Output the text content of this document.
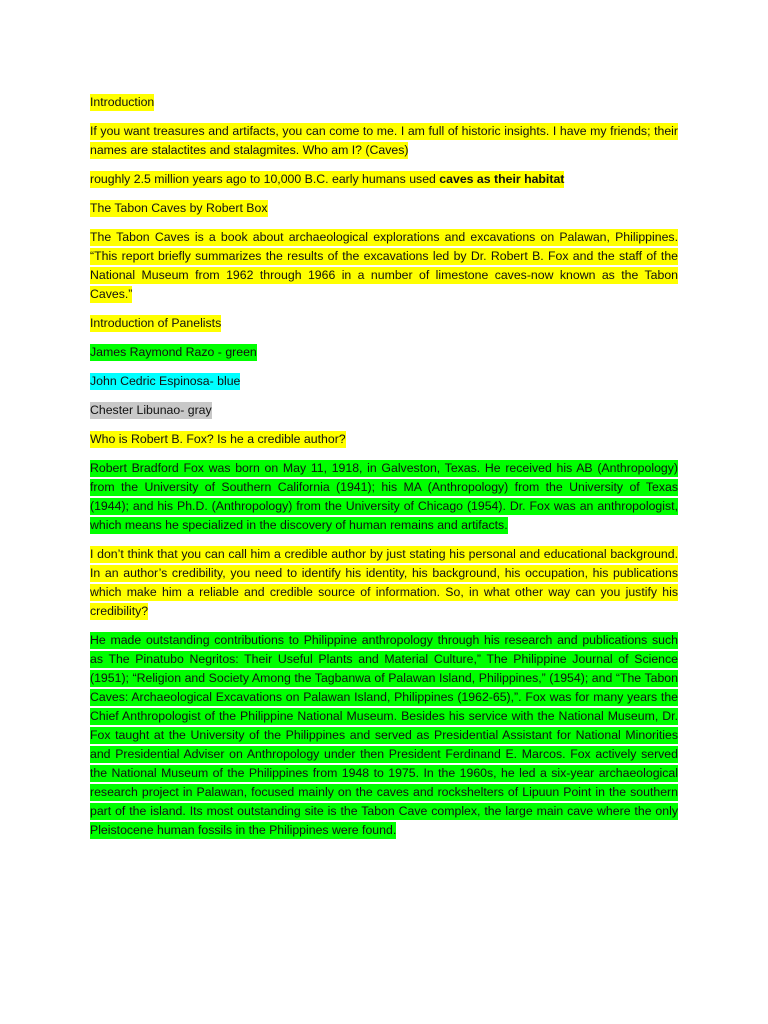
Introduction

If you want treasures and artifacts, you can come to me. I am full of historic insights. I have my friends; their names are stalactites and stalagmites. Who am I? (Caves)

roughly 2.5 million years ago to 10,000 B.C. early humans used caves as their habitat

The Tabon Caves by Robert Box

The Tabon Caves is a book about archaeological explorations and excavations on Palawan, Philippines. “This report briefly summarizes the results of the excavations led by Dr. Robert B. Fox and the staff of the National Museum from 1962 through 1966 in a number of limestone caves-now known as the Tabon Caves.”

Introduction of Panelists

James Raymond Razo - green

John Cedric Espinosa- blue

Chester Libunao- gray

Who is Robert B. Fox? Is he a credible author?

Robert Bradford Fox was born on May 11, 1918, in Galveston, Texas. He received his AB (Anthropology) from the University of Southern California (1941); his MA (Anthropology) from the University of Texas (1944); and his Ph.D. (Anthropology) from the University of Chicago (1954). Dr. Fox was an anthropologist, which means he specialized in the discovery of human remains and artifacts.

I don’t think that you can call him a credible author by just stating his personal and educational background. In an author’s credibility, you need to identify his identity, his background, his occupation, his publications which make him a reliable and credible source of information. So, in what other way can you justify his credibility?

He made outstanding contributions to Philippine anthropology through his research and publications such as The Pinatubo Negritos: Their Useful Plants and Material Culture,” The Philippine Journal of Science (1951); “Religion and Society Among the Tagbanwa of Palawan Island, Philippines,” (1954); and “The Tabon Caves: Archaeological Excavations on Palawan Island, Philippines (1962-65),”. Fox was for many years the Chief Anthropologist of the Philippine National Museum. Besides his service with the National Museum, Dr. Fox taught at the University of the Philippines and served as Presidential Assistant for National Minorities and Presidential Adviser on Anthropology under then President Ferdinand E. Marcos. Fox actively served the National Museum of the Philippines from 1948 to 1975. In the 1960s, he led a six-year archaeological research project in Palawan, focused mainly on the caves and rockshelters of Lipuun Point in the southern part of the island. Its most outstanding site is the Tabon Cave complex, the large main cave where the only Pleistocene human fossils in the Philippines were found.
